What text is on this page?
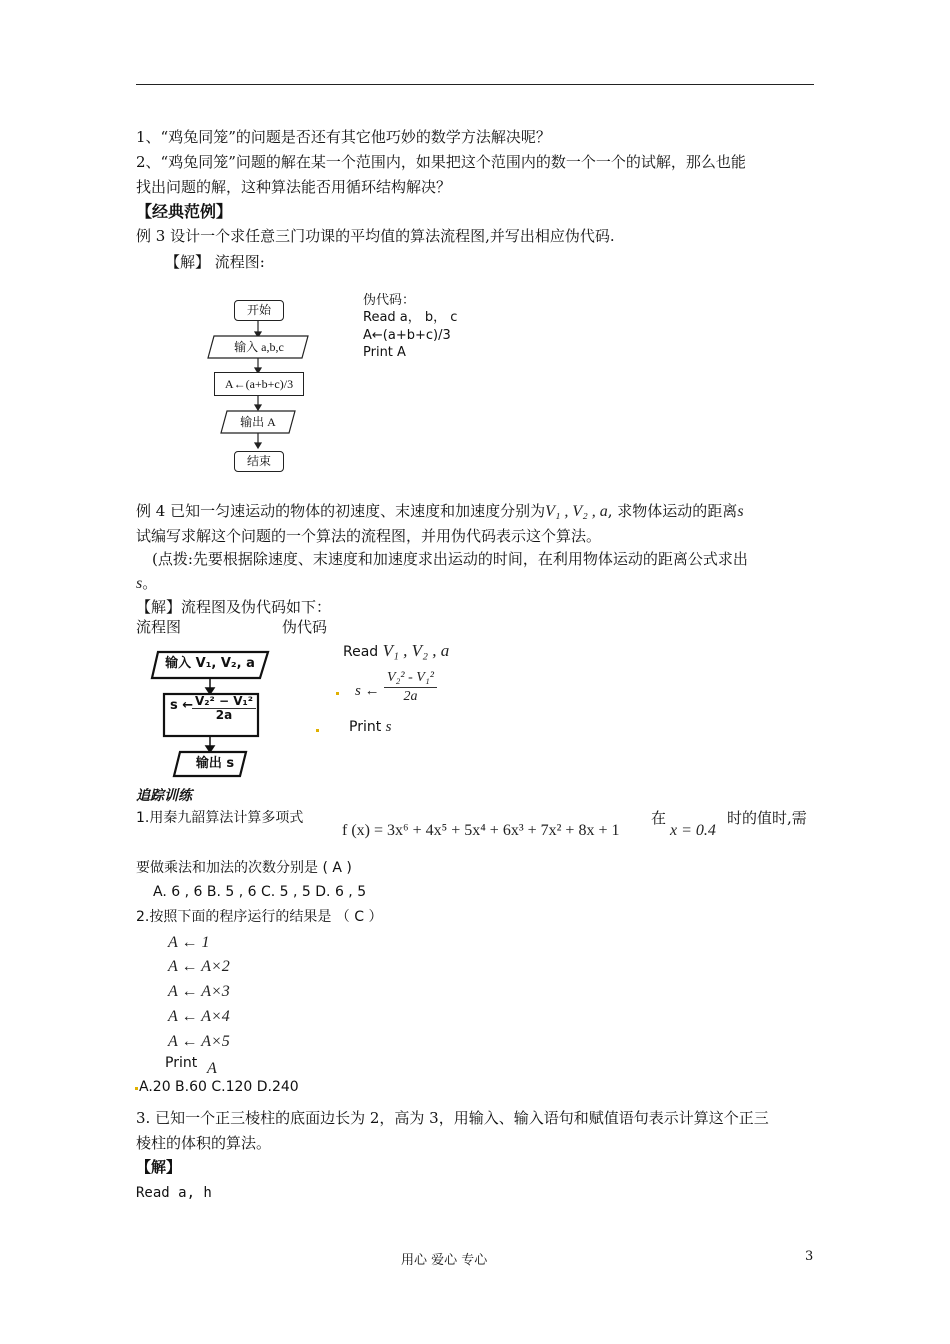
1、“鸡兔同笼”的问题是否还有其它他巧妙的数学方法解决呢？
2、“鸡兔同笼”问题的解在某一个范围内，如果把这个范围内的数一个一个的试解，那么也能
找出问题的解，这种算法能否用循环结构解决？
【经典范例】
例 3 设计一个求任意三门功课的平均值的算法流程图,并写出相应伪代码.
【解】 流程图:
开始
输入 a,b,c
A←(a+b+c)/3
输出 A
结束
伪代码：
Read a， b， c
A←(a+b+c)/3
Print A
例 4 已知一匀速运动的物体的初速度、末速度和加速度分别为V₁ , V₂ , a, 求物体运动的距离s
试编写求解这个问题的一个算法的流程图，并用伪代码表示这个算法。
(点拨:先要根据除速度、末速度和加速度求出运动的时间，在利用物体运动的距离公式求出
s。
【解】流程图及伪代码如下：
流程图	伪代码
输入 V₁, V₂, a
s ←
$\frac{\text{V₂² − V₁²}}{2a}$
输出 s
Read V₁ , V₂ , a
s ← $\frac{\text{V₂² - V₁²}}{2a}$
Print s
追踪训练
1.用秦九韶算法计算多项式
f (x) = 3x⁶ + 4x⁵ + 5x⁴ + 6x³ + 7x² + 8x + 1
在
x = 0.4
时的值时,需
要做乘法和加法的次数分别是 ( A )
A. 6 , 6 B. 5 , 6 C. 5 , 5 D. 6 , 5
2.按照下面的程序运行的结果是 （ C ）
A ← 1
A ← A×2
A ← A×3
A ← A×4
A ← A×5
Print A
A.20 B.60 C.120 D.240
3. 已知一个正三棱柱的底面边长为 2，高为 3，用输入、输入语句和赋值语句表示计算这个正三
棱柱的体积的算法。
【解】
Read a, h
用心 爱心 专心	3
